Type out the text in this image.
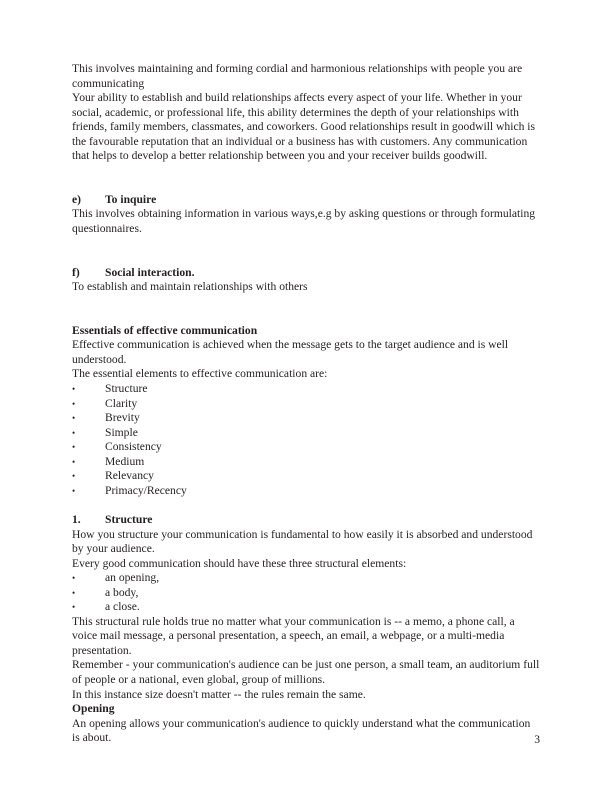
This involves maintaining and forming cordial and harmonious relationships with people you are communicating

Your ability to establish and build relationships affects every aspect of your life. Whether in your social, academic, or professional life, this ability determines the depth of your relationships with friends, family members, classmates, and coworkers. Good relationships result in goodwill which is the favourable reputation that an individual or a business has with customers. Any communication that helps to develop a better relationship between you and your receiver builds goodwill.

e) To inquire

This involves obtaining information in various ways,e.g by asking questions or through formulating questionnaires.

f) Social interaction.

To establish and maintain relationships with others

Essentials of effective communication

Effective communication is achieved when the message gets to the target audience and is well understood.

The essential elements to effective communication are:

•	Structure
•	Clarity
•	Brevity
•	Simple
•	Consistency
•	Medium
•	Relevancy
•	Primacy/Recency
1. Structure

How you structure your communication is fundamental to how easily it is absorbed and understood by your audience.

Every good communication should have these three structural elements:

•	an opening,
•	a body,
•	a close.

This structural rule holds true no matter what your communication is -- a memo, a phone call, a voice mail message, a personal presentation, a speech, an email, a webpage, or a multi-media presentation.

Remember - your communication's audience can be just one person, a small team, an auditorium full of people or a national, even global, group of millions.

In this instance size doesn't matter -- the rules remain the same.

Opening

An opening allows your communication's audience to quickly understand what the communication is about.	3
